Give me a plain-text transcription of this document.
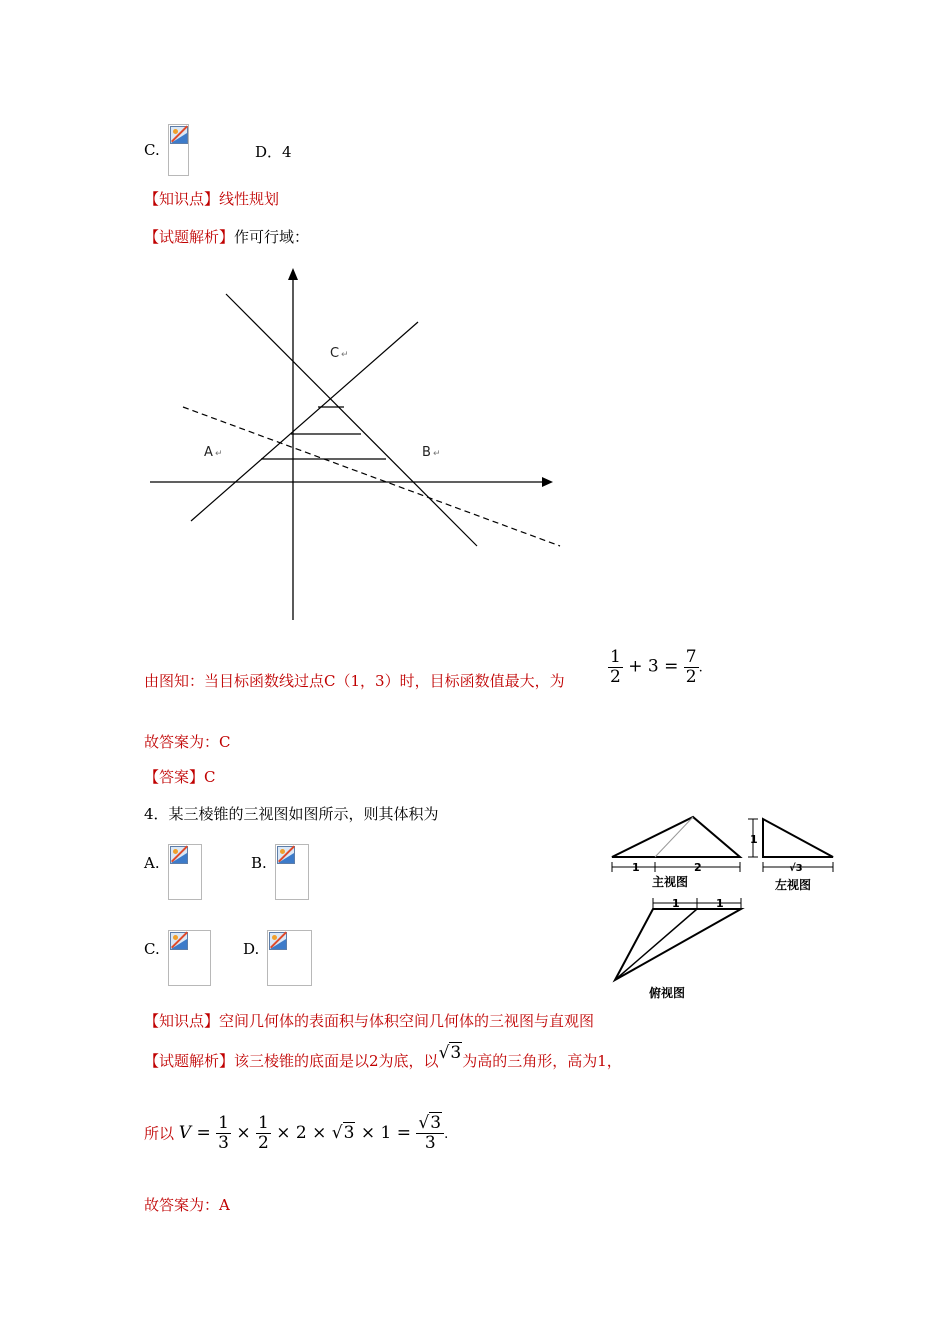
C.	D．4
【知识点】线性规划
【试题解析】作可行域：
C ↵
A ↵	B ↵
由图知：当目标函数线过点C（1，3）时，目标函数值最大，为	$\frac{1}{2} + 3 = \frac{7}{2}$ .
故答案为：C
【答案】C
4．某三棱锥的三视图如图所示，则其体积为
A.	B.
C.	D.
1	2
主视图
1
√3
左视图
1	1
俯视图
【知识点】空间几何体的表面积与体积空间几何体的三视图与直观图
【试题解析】该三棱锥的底面是以2为底，以√3为高的三角形，高为1，
所以 $V = \frac{1}{3} \times \frac{1}{2} \times 2 \times √3 \times 1 = \frac{√3}{3}$ .
故答案为：A
